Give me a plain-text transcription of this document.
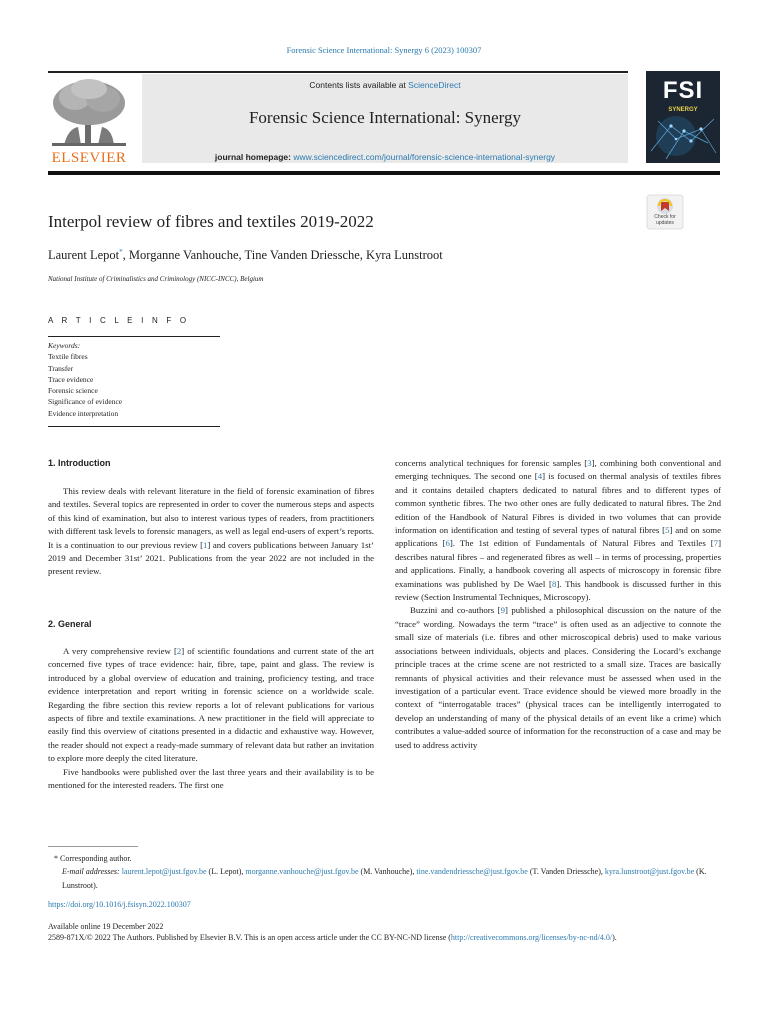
Forensic Science International: Synergy 6 (2023) 100307
ELSEVIER
Contents lists available at ScienceDirect
Forensic Science International: Synergy
journal homepage: www.sciencedirect.com/journal/forensic-science-international-synergy
FSI
SYNERGY
Interpol review of fibres and textiles 2019-2022	Check for updates
Laurent Lepot*, Morganne Vanhouche, Tine Vanden Driessche, Kyra Lunstroot
National Institute of Criminalistics and Criminology (NICC-INCC), Belgium
A R T I C L E I N F O
Keywords:
Textile fibres
Transfer
Trace evidence
Forensic science
Significance of evidence
Evidence interpretation
1. Introduction

This review deals with relevant literature in the field of forensic examination of fibres and textiles. Several topics are represented in order to cover the numerous steps and aspects of this kind of examination, but also to interest various types of readers, from practitioners with different task levels to forensic managers, as well as legal end-users of expert’s reports. It is a continuation to our previous review [1] and covers publications between January 1st’ 2019 and December 31st’ 2021. Publications from the year 2022 are not included in the present review.

2. General

A very comprehensive review [2] of scientific foundations and current state of the art concerned five types of trace evidence: hair, fibre, tape, paint and glass. The review is introduced by a global overview of education and training, proficiency testing, and trace evidence interpretation and report writing in forensic science on a worldwide scale. Regarding the fibre section this review reports a lot of relevant publications for various aspects of fibre and textile examinations. A new practitioner in the field will appreciate to easily find this overview of citations presented in a didactic and exhaustive way. However, the reader should not expect a ready-made summary of relevant data but rather an invitation to explore more deeply the cited literature.

Five handbooks were published over the last three years and their availability is to be mentioned for the interested readers. The first one

concerns analytical techniques for forensic samples [3], combining both conventional and emerging techniques. The second one [4] is focused on thermal analysis of textiles fibres and it contains detailed chapters dedicated to natural fibres and to different types of common synthetic fibres. The two other ones are fully dedicated to natural fibres. The 2nd edition of the Handbook of Natural Fibres is divided in two volumes that can provide information on identification and testing of several types of natural fibres [5] and on some applications [6]. The 1st edition of Fundamentals of Natural Fibres and Textiles [7] describes natural fibres – and regenerated fibres as well – in terms of processing, properties and applications. Finally, a handbook covering all aspects of microscopy in forensic fibre examinations was published by De Wael [8]. This handbook is discussed further in this review (Section Instrumental Techniques, Microscopy).

Buzzini and co-authors [9] published a philosophical discussion on the nature of the “trace” wording. Nowadays the term “trace” is often used as an adjective to connote the small size of materials (i.e. fibres and other microscopical debris) used to make various associations between individuals, objects and places. Considering the Locard’s exchange principle traces at the crime scene are not restricted to a small size. Traces are basically remnants of physical activities and their relevance must be assessed when used in the investigation of a particular event. Trace evidence should be viewed more broadly in the context of “interrogatable traces” (physical traces can be intelligently interrogated to develop an understanding of many of the physical details of an event like a crime) which contributes a value-added source of information for the reconstruction of a case and may be used to address activity

* Corresponding author.
E-mail addresses: laurent.lepot@just.fgov.be (L. Lepot), morganne.vanhouche@just.fgov.be (M. Vanhouche), tine.vandendriessche@just.fgov.be (T. Vanden Driessche), kyra.lunstroot@just.fgov.be (K. Lunstroot).
https://doi.org/10.1016/j.fsisyn.2022.100307
Available online 19 December 2022
2589-871X/© 2022 The Authors. Published by Elsevier B.V. This is an open access article under the CC BY-NC-ND license (http://creativecommons.org/licenses/by-nc-nd/4.0/).
